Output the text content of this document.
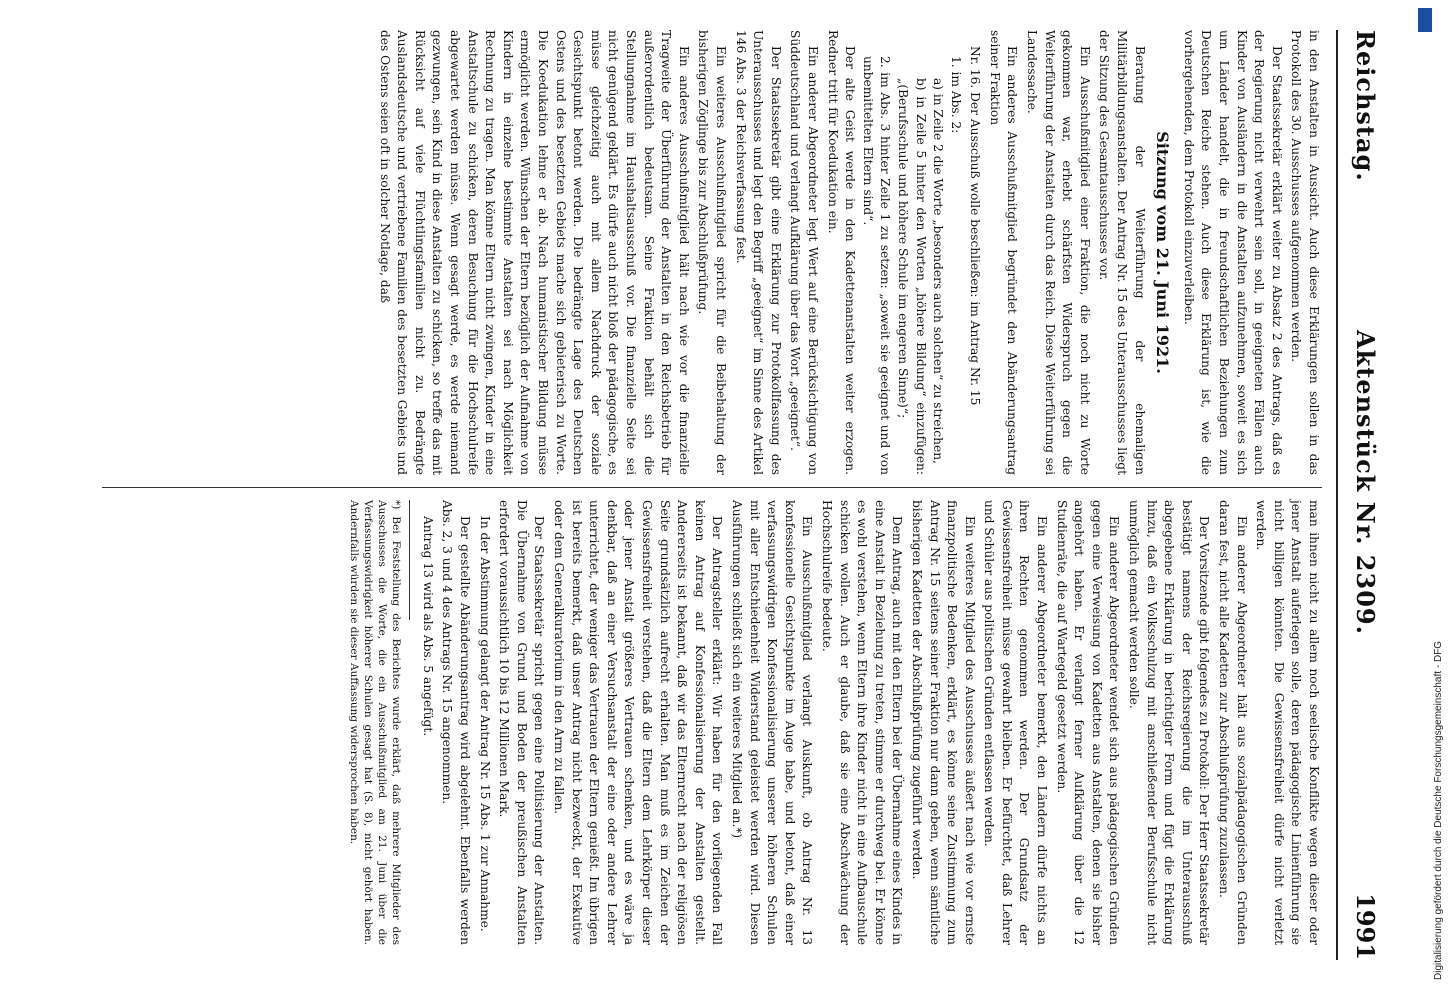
Reichstag.
Aktenstück Nr. 2309.
1991

in den Anstalten in Aussicht. Auch diese Erklärungen sollen in das Protokoll des 30. Ausschusses aufgenommen werden.

Der Staatssekretär erklärt weiter zu Absatz 2 des Antrags, daß es der Regierung nicht verwehrt sein soll, in geeigneten Fällen auch Kinder von Ausländern in die Anstalten aufzunehmen, soweit es sich um Länder handelt, die in freundschaftlichen Beziehungen zum Deutschen Reiche stehen. Auch diese Erklärung ist, wie die vorhergehenden, dem Protokoll einzuverleiben.

Sitzung vom 21. Juni 1921.

Beratung der Weiterführung der ehemaligen Militärbildungsanstalten. Der Antrag Nr. 15 des Unterausschusses liegt der Sitzung des Gesamtausschusses vor.

Ein Ausschußmitglied einer Fraktion, die noch nicht zu Worte gekommen war, erhebt schärfsten Widerspruch gegen die Weiterführung der Anstalten durch das Reich. Diese Weiterführung sei Landessache.

Ein anderes Ausschußmitglied begründet den Abänderungsantrag seiner Fraktion

Nr. 16. Der Ausschuß wolle beschließen: im Antrag Nr. 15

1. im Abs. 2:

a) in Zeile 2 die Worte „besonders auch solchen“ zu streichen,

b) in Zeile 5 hinter den Worten „höhere Bildung“ einzufügen: „(Berufsschule und höhere Schule im engeren Sinne)“;

2. im Abs. 3 hinter Zeile 1 zu setzen: „soweit sie geeignet und von unbemittelten Eltern sind“.

Der alte Geist werde in den Kadettenanstalten weiter erzogen. Redner tritt für Koedukation ein.

Ein anderer Abgeordneter legt Wert auf eine Berücksichtigung von Süddeutschland und verlangt Aufklärung über das Wort „geeignet“.

Der Staatssekretär gibt eine Erklärung zur Protokollfassung des Unterausschusses und legt den Begriff „geeignet“ im Sinne des Artikel 146 Abs. 3 der Reichsverfassung fest.

Ein weiteres Ausschußmitglied spricht für die Beibehaltung der bisherigen Zöglinge bis zur Abschlußprüfung.

Ein anderes Ausschußmitglied hält nach wie vor die finanzielle Tragweite der Überführung der Anstalten in den Reichsbetrieb für außerordentlich bedeutsam. Seine Fraktion behält sich die Stellungnahme im Haushaltsausschuß vor. Die finanzielle Seite sei nicht genügend geklärt. Es dürfe auch nicht bloß der pädagogische, es müsse gleichzeitig auch mit allem Nachdruck der soziale Gesichtspunkt betont werden. Die bedrängte Lage des Deutschen Ostens und des besetzten Gebiets mache sich gebieterisch zu Worte. Die Koedukation lehne er ab. Nach humanistischer Bildung müsse ermöglicht werden. Wünschen der Eltern bezüglich der Aufnahme von Kindern in einzelne bestimmte Anstalten sei nach Möglichkeit Rechnung zu tragen. Man könne Eltern nicht zwingen, Kinder in eine Anstaltschule zu schicken, deren Besuchung für die Hochschulreife abgewartet werden müsse. Wenn gesagt werde, es werde niemand gezwungen, sein Kind in diese Anstalten zu schicken, so treffe das mit Rücksicht auf viele Flüchtlingsfamilien nicht zu. Bedrängte Auslandsdeutsche und vertriebene Familien des besetzten Gebiets und des Ostens seien oft in solcher Notlage, daß

man ihnen nicht zu allem noch seelische Konflikte wegen dieser oder jener Anstalt auferlegen solle, deren pädagogische Linienführung sie nicht billigen könnten. Die Gewissensfreiheit dürfe nicht verletzt werden.

Ein anderer Abgeordneter hält aus sozialpädagogischen Gründen daran fest, nicht alle Kadetten zur Abschlußprüfung zuzulassen.

Der Vorsitzende gibt folgendes zu Protokoll: Der Herr Staatssekretär bestätigt namens der Reichsregierung die im Unterausschuß abgegebene Erklärung in berichtigter Form und fügt die Erklärung hinzu, daß ein Volksschulzug mit anschließender Berufsschule nicht unmöglich gemacht werden solle.

Ein anderer Abgeordneter wendet sich aus pädagogischen Gründen gegen eine Verweisung von Kadetten aus Anstalten, denen sie bisher angehört haben. Er verlangt ferner Aufklärung über die 12 Studienräte, die auf Wartegeld gesetzt werden.

Ein anderer Abgeordneter bemerkt, den Ländern dürfe nichts an ihren Rechten genommen werden. Der Grundsatz der Gewissensfreiheit müsse gewahrt bleiben. Er befürchtet, daß Lehrer und Schüler aus politischen Gründen entlassen werden.

Ein weiteres Mitglied des Ausschusses äußert nach wie vor ernste finanzpolitische Bedenken, erklärt, es könne seine Zustimmung zum Antrag Nr. 15 seitens seiner Fraktion nur dann geben, wenn sämtliche bisherigen Kadetten der Abschlußprüfung zugeführt werden.

Dem Antrag, auch mit den Eltern bei der Übernahme eines Kindes in eine Anstalt in Beziehung zu treten, stimme er durchweg bei. Er könne es wohl verstehen, wenn Eltern ihre Kinder nicht in eine Aufbauschule schicken wollen. Auch er glaube, daß sie eine Abschwächung der Hochschulreife bedeute.

Ein Ausschußmitglied verlangt Auskunft, ob Antrag Nr. 13 konfessionelle Gesichtspunkte im Auge habe, und betont, daß einer verfassungswidrigen Konfessionalisierung unserer höheren Schulen mit aller Entschiedenheit Widerstand geleistet werden wird. Diesen Ausführungen schließt sich ein weiteres Mitglied an.*)

Der Antragsteller erklärt: Wir haben für den vorliegenden Fall keinen Antrag auf Konfessionalisierung der Anstalten gestellt. Andererseits ist bekannt, daß wir das Elternrecht nach der religiösen Seite grundsätzlich aufrecht erhalten. Man muß es im Zeichen der Gewissensfreiheit verstehen, daß die Eltern dem Lehrkörper dieser oder jener Anstalt größeres Vertrauen schenken, und es wäre ja denkbar, daß an einer Versuchsanstalt der eine oder andere Lehrer unterrichtet, der weniger das Vertrauen der Eltern genießt. Im übrigen ist bereits bemerkt, daß unser Antrag nicht bezweckt, der Exekutive oder dem Generalkuratorium in den Arm zu fallen.

Der Staatssekretär spricht gegen eine Politisierung der Anstalten. Die Übernahme von Grund und Boden der preußischen Anstalten erfordert voraussichtlich 10 bis 12 Millionen Mark.

In der Abstimmung gelangt der Antrag Nr. 15 Abs. 1 zur Annahme.

Der gestellte Abänderungsantrag wird abgelehnt. Ebenfalls werden Abs. 2, 3 und 4 des Antrags Nr. 15 angenommen.

Antrag 13 wird als Abs. 5 angefügt.

*) Bei Feststellung des Berichtes wurde erklärt, daß mehrere Mitglieder des Ausschusses die Worte, die ein Ausschußmitglied am 21. Juni über die Verfassungswidrigkeit höherer Schulen gesagt hat (S. 8), nicht gehört haben. Andernfalls würden sie dieser Auffassung widersprochen haben.	Digitalisierung gefördert durch die Deutsche Forschungsgemeinschaft - DFG
